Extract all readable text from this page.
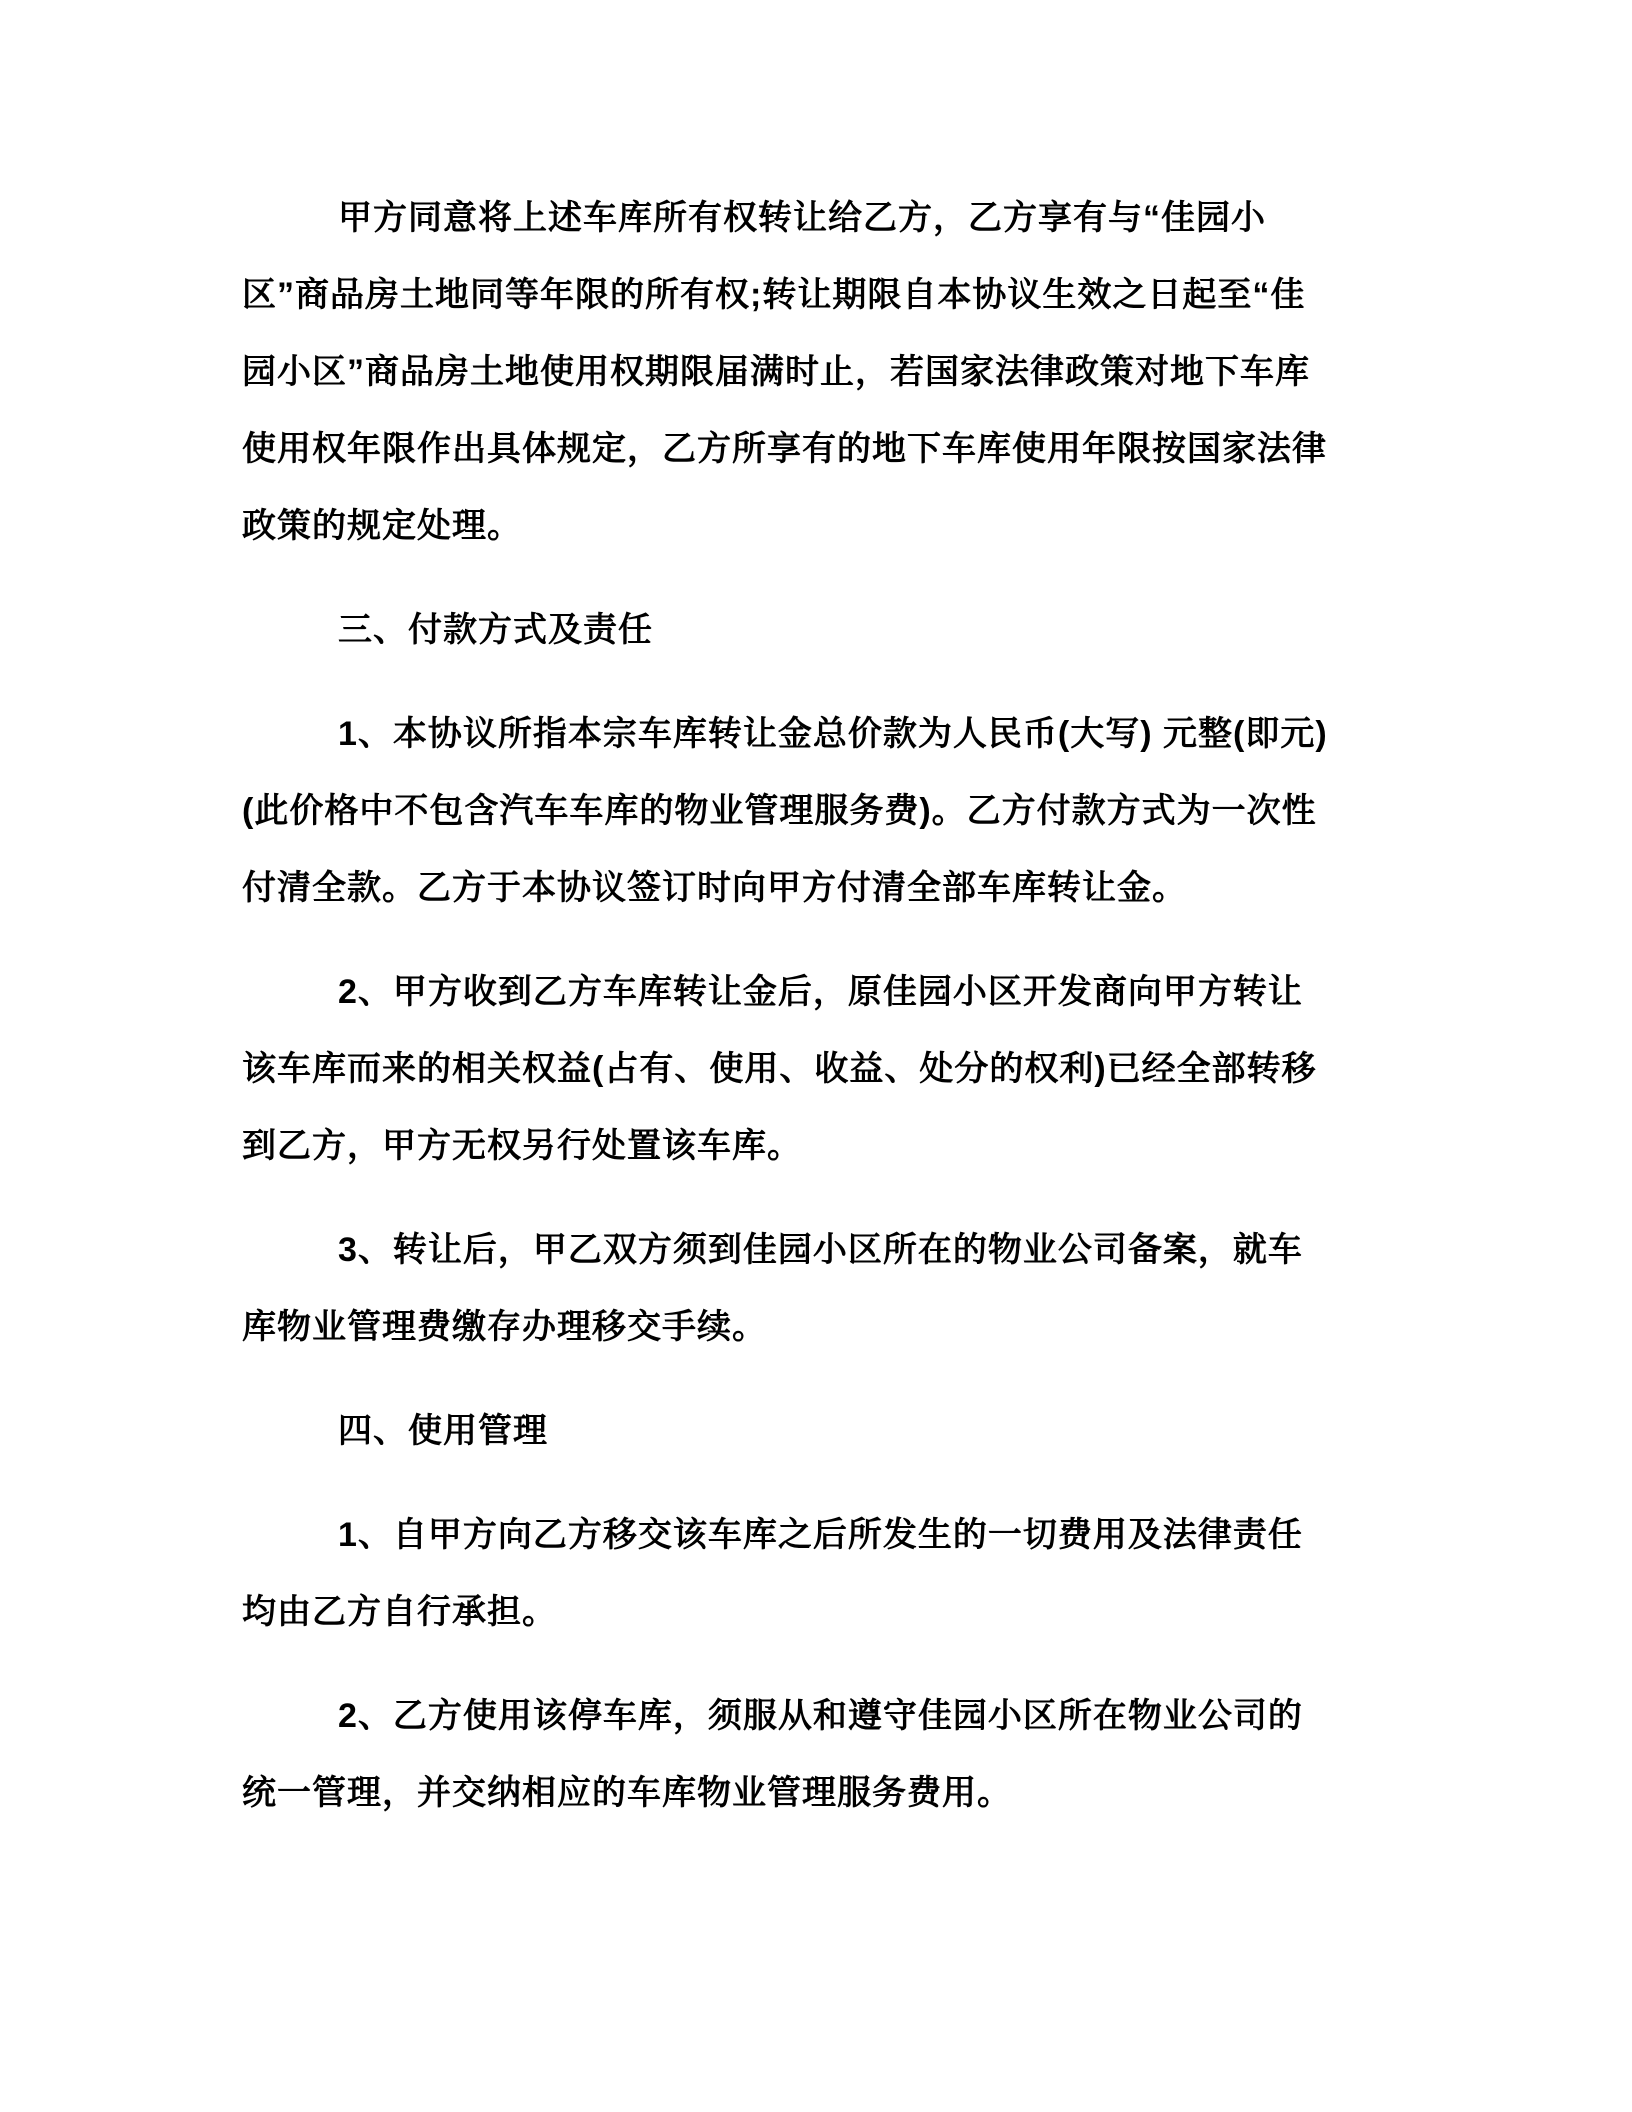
甲方同意将上述车库所有权转让给乙方，乙方享有与“佳园小区”商品房土地同等年限的所有权;转让期限自本协议生效之日起至“佳园小区”商品房土地使用权期限届满时止，若国家法律政策对地下车库使用权年限作出具体规定，乙方所享有的地下车库使用年限按国家法律政策的规定处理。

三、付款方式及责任

1、本协议所指本宗车库转让金总价款为人民币(大写) 元整(即元)(此价格中不包含汽车车库的物业管理服务费)。乙方付款方式为一次性付清全款。乙方于本协议签订时向甲方付清全部车库转让金。

2、甲方收到乙方车库转让金后，原佳园小区开发商向甲方转让该车库而来的相关权益(占有、使用、收益、处分的权利)已经全部转移到乙方，甲方无权另行处置该车库。

3、转让后，甲乙双方须到佳园小区所在的物业公司备案，就车库物业管理费缴存办理移交手续。

四、使用管理

1、自甲方向乙方移交该车库之后所发生的一切费用及法律责任均由乙方自行承担。

2、乙方使用该停车库，须服从和遵守佳园小区所在物业公司的统一管理，并交纳相应的车库物业管理服务费用。
